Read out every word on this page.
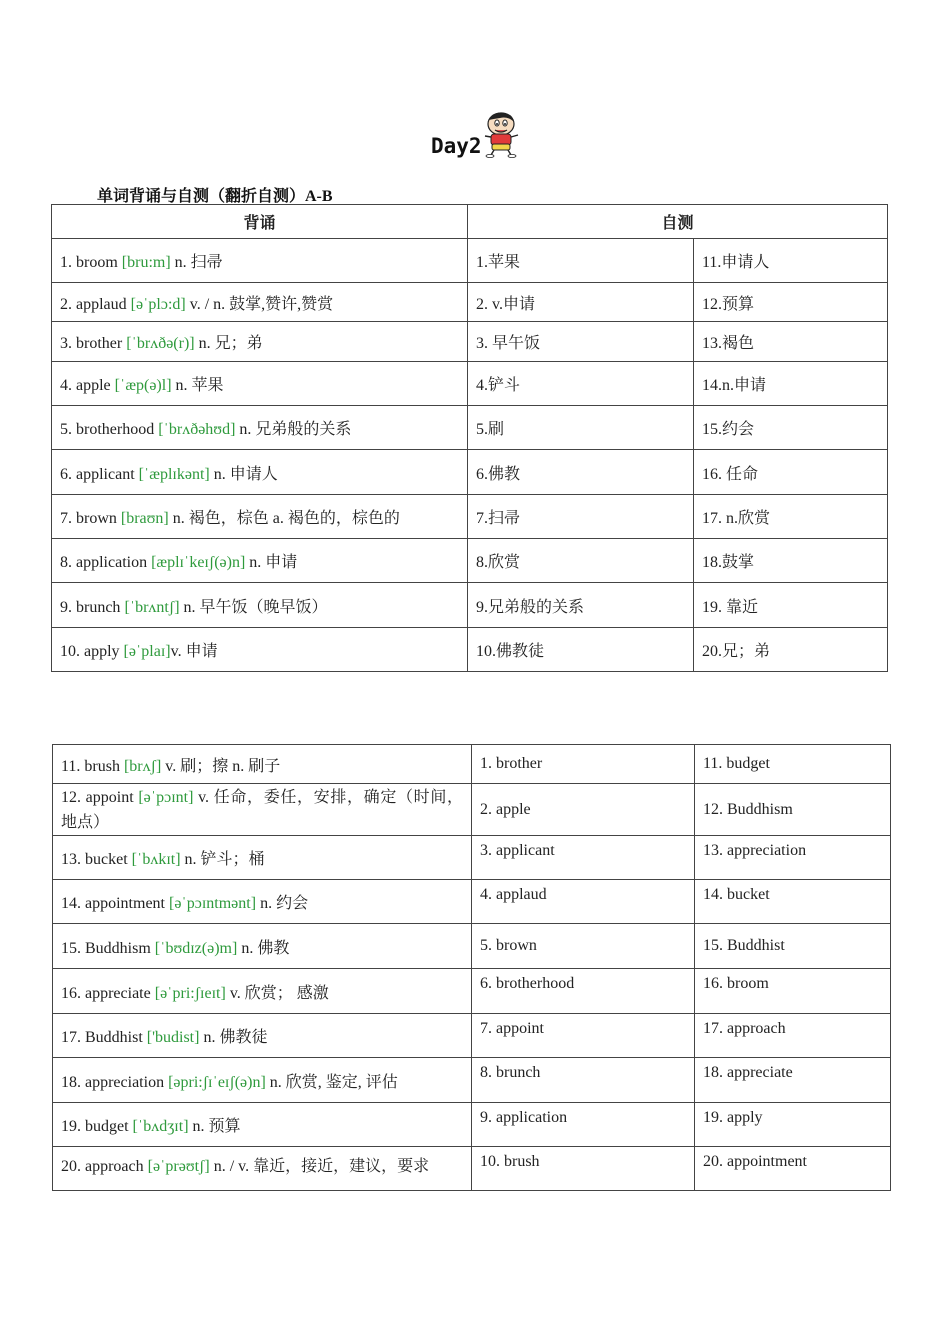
Day2
单词背诵与自测（翻折自测）A-B
背诵	自测	
1. broom [bru:m] n. 扫帚	1.苹果	11.申请人
2. applaud [əˈplɔ:d] v. / n. 鼓掌,赞许,赞赏	2. v.申请	12.预算
3. brother [ˈbrʌðə(r)] n. 兄；弟	3. 早午饭	13.褐色
4. apple [ˈæp(ə)l] n. 苹果	4.铲斗	14.n.申请
5. brotherhood [ˈbrʌðəhʊd] n. 兄弟般的关系	5.刷	15.约会
6. applicant [ˈæplɪkənt] n. 申请人	6.佛教	16. 任命
7. brown [braʊn] n. 褐色，棕色 a. 褐色的，棕色的	7.扫帚	17. n.欣赏
8. application [æplɪˈkeɪʃ(ə)n] n. 申请	8.欣赏	18.鼓掌
9. brunch [ˈbrʌntʃ] n. 早午饭（晚早饭）	9.兄弟般的关系	19. 靠近
10. apply [əˈplaɪ]v. 申请	10.佛教徒	20.兄；弟
11. brush [brʌʃ] v. 刷；擦 n. 刷子	1. brother	11. budget
12. appoint [əˈpɔɪnt] v. 任命，委任，安排，确定（时间，地点）	2. apple	12. Buddhism
13. bucket [ˈbʌkɪt] n. 铲斗；桶	3. applicant	13. appreciation
14. appointment [əˈpɔɪntmənt] n. 约会	4. applaud	14. bucket
15. Buddhism [ˈbʊdɪz(ə)m] n. 佛教	5. brown	15. Buddhist
16. appreciate [əˈpri:ʃɪeɪt] v. 欣赏； 感激	6. brotherhood	16. broom
17. Buddhist ['budist] n. 佛教徒	7. appoint	17. approach
18. appreciation [əpri:ʃɪˈeɪʃ(ə)n] n. 欣赏, 鉴定, 评估	8. brunch	18. appreciate
19. budget [ˈbʌdʒɪt] n. 预算	9. application	19. apply
20. approach [əˈprəʊtʃ] n. / v. 靠近，接近，建议，要求	10. brush	20. appointment
